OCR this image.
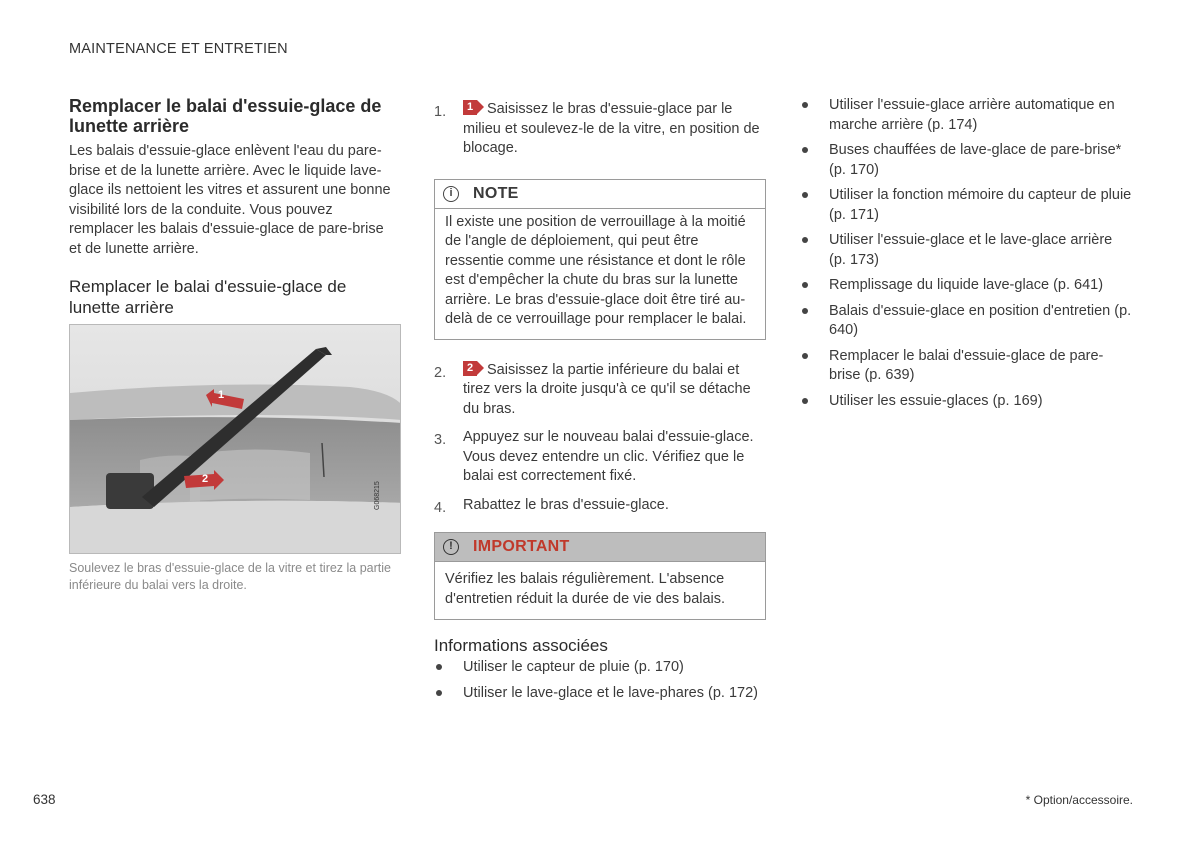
MAINTENANCE ET ENTRETIEN
638	* Option/accessoire.
Remplacer le balai d'essuie-glace de lunette arrière

Les balais d'essuie-glace enlèvent l'eau du pare-brise et de la lunette arrière. Avec le liquide lave-glace ils nettoient les vitres et assurent une bonne visibilité lors de la conduite. Vous pouvez remplacer les balais d'essuie-glace de pare-brise et de lunette arrière.

Remplacer le balai d'essuie-glace de lunette arrière
1
2
G068215
Soulevez le bras d'essuie-glace de la vitre et tirez la partie inférieure du balai vers la droite.
1.	1 Saisissez le bras d'essuie-glace par le milieu et soulevez-le de la vitre, en position de blocage.
i	NOTE
Il existe une position de verrouillage à la moitié de l'angle de déploiement, qui peut être ressentie comme une résistance et dont le rôle est d'empêcher la chute du bras sur la lunette arrière. Le bras d'essuie-glace doit être tiré au-delà de ce verrouillage pour remplacer le balai.
2.	2 Saisissez la partie inférieure du balai et tirez vers la droite jusqu'à ce qu'il se détache du bras.
3.	Appuyez sur le nouveau balai d'essuie-glace. Vous devez entendre un clic. Vérifiez que le balai est correctement fixé.
4.	Rabattez le bras d'essuie-glace.
!	IMPORTANT
Vérifiez les balais régulièrement. L'absence d'entretien réduit la durée de vie des balais.
Informations associées
Utiliser le capteur de pluie (p. 170)
Utiliser le lave-glace et le lave-phares (p. 172)
Utiliser l'essuie-glace arrière automatique en marche arrière (p. 174)
Buses chauffées de lave-glace de pare-brise* (p. 170)
Utiliser la fonction mémoire du capteur de pluie (p. 171)
Utiliser l'essuie-glace et le lave-glace arrière (p. 173)
Remplissage du liquide lave-glace (p. 641)
Balais d'essuie-glace en position d'entretien (p. 640)
Remplacer le balai d'essuie-glace de pare-brise (p. 639)
Utiliser les essuie-glaces (p. 169)
